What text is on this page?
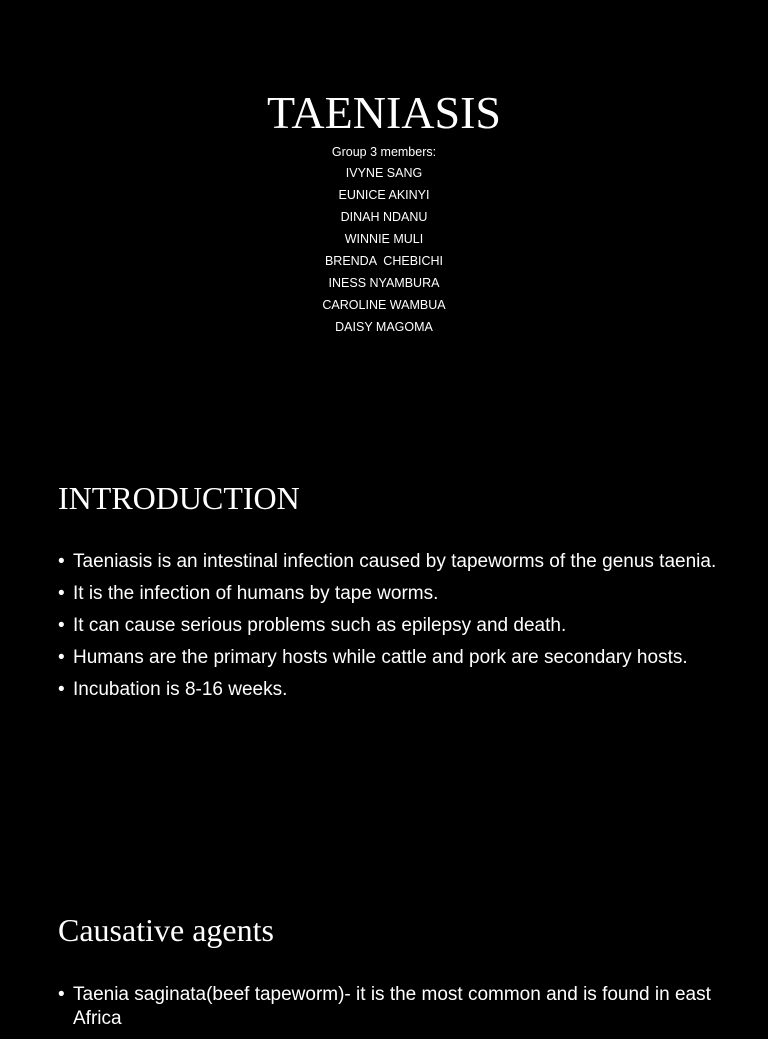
TAENIASIS
Group 3 members:
IVYNE SANG
EUNICE AKINYI
DINAH NDANU
WINNIE MULI
BRENDA  CHEBICHI
INESS NYAMBURA
CAROLINE WAMBUA
DAISY MAGOMA
INTRODUCTION
• Taeniasis is an intestinal infection caused by tapeworms of the genus taenia.
• It is the infection of humans by tape worms.
• It can cause serious problems such as epilepsy and death.
• Humans are the primary hosts while cattle and pork are secondary hosts.
• Incubation is 8-16 weeks.
Causative agents
• Taenia saginata(beef tapeworm)- it is the most common and is found in east Africa
